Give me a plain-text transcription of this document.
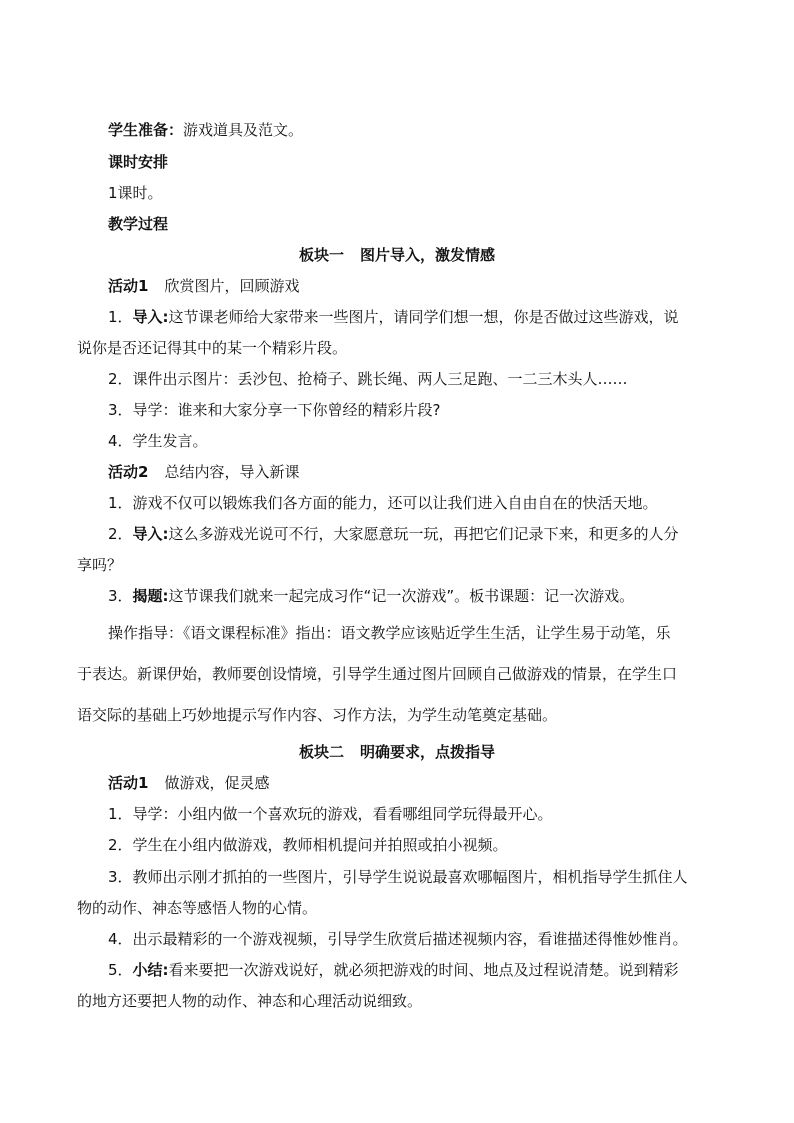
学生准备：游戏道具及范文。
课时安排
1课时。
教学过程
板块一 图片导入，激发情感
活动1 欣赏图片，回顾游戏
1．导入:这节课老师给大家带来一些图片，请同学们想一想，你是否做过这些游戏，说
说你是否还记得其中的某一个精彩片段。
2．课件出示图片：丢沙包、抢椅子、跳长绳、两人三足跑、一二三木头人……
3．导学：谁来和大家分享一下你曾经的精彩片段?
4．学生发言。
活动2 总结内容，导入新课
1．游戏不仅可以锻炼我们各方面的能力，还可以让我们进入自由自在的快活天地。
2．导入:这么多游戏光说可不行，大家愿意玩一玩，再把它们记录下来，和更多的人分
享吗？
3．揭题:这节课我们就来一起完成习作“记一次游戏”。板书课题：记一次游戏。
操作指导：《语文课程标准》指出：语文教学应该贴近学生生活，让学生易于动笔，乐
于表达。新课伊始，教师要创设情境，引导学生通过图片回顾自己做游戏的情景，在学生口
语交际的基础上巧妙地提示写作内容、习作方法，为学生动笔奠定基础。
板块二 明确要求，点拨指导
活动1 做游戏，促灵感
1．导学：小组内做一个喜欢玩的游戏，看看哪组同学玩得最开心。
2．学生在小组内做游戏，教师相机提问并拍照或拍小视频。
3．教师出示刚才抓拍的一些图片，引导学生说说最喜欢哪幅图片，相机指导学生抓住人
物的动作、神态等感悟人物的心情。
4．出示最精彩的一个游戏视频，引导学生欣赏后描述视频内容，看谁描述得惟妙惟肖。
5．小结:看来要把一次游戏说好，就必须把游戏的时间、地点及过程说清楚。说到精彩
的地方还要把人物的动作、神态和心理活动说细致。
